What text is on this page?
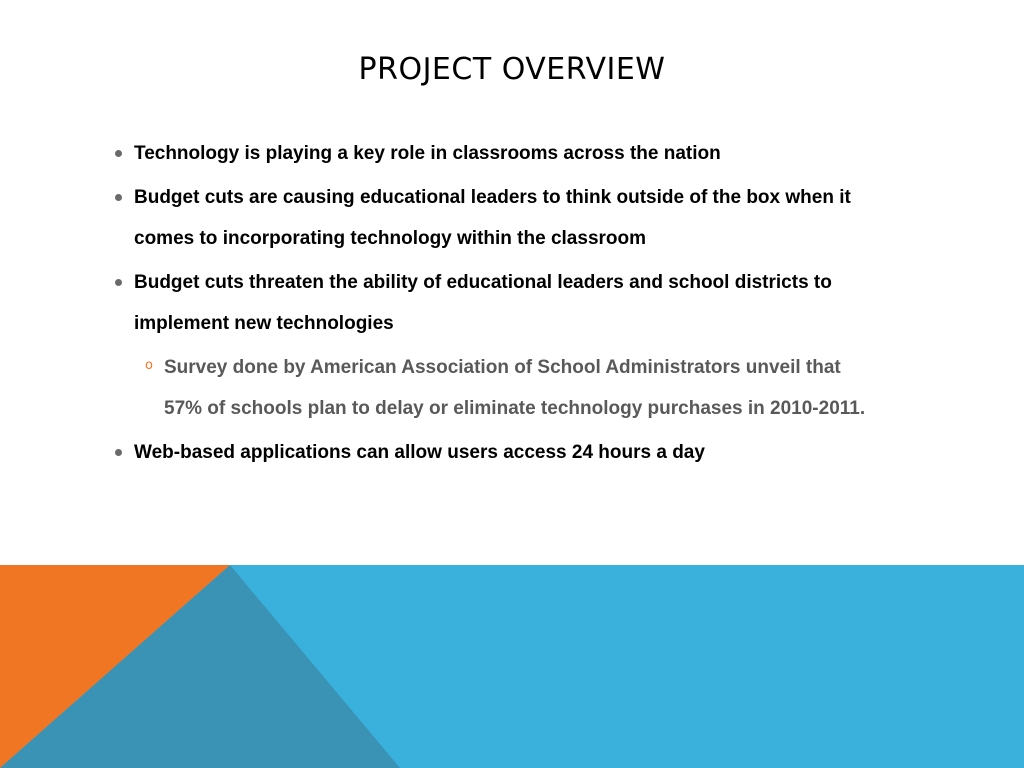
PROJECT OVERVIEW
Technology is playing a key role in classrooms across the nation
Budget cuts are causing educational leaders to think outside of the box when it comes to incorporating technology within the classroom
Budget cuts threaten the ability of educational leaders and school districts to implement new technologies
o Survey done by American Association of School Administrators unveil that 57% of schools plan to delay or eliminate technology purchases in 2010-2011.
Web-based applications can allow users access 24 hours a day
